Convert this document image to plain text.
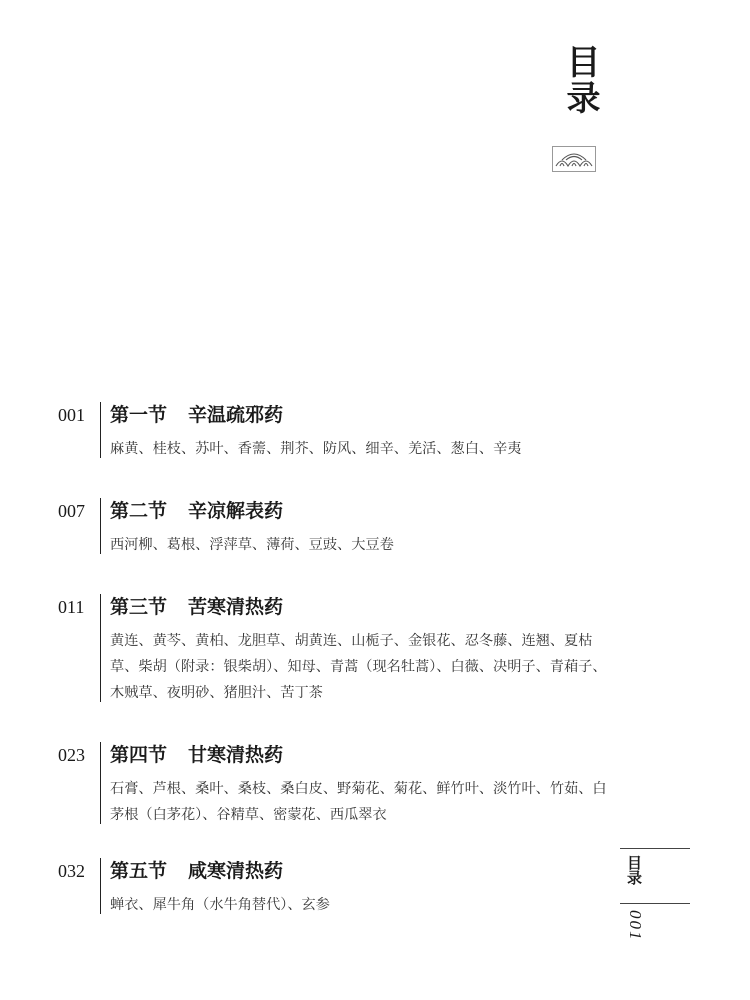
目录
001	第一节 辛温疏邪药

麻黄、桂枝、苏叶、香薷、荆芥、防风、细辛、羌活、葱白、辛夷

007	第二节 辛凉解表药

西河柳、葛根、浮萍草、薄荷、豆豉、大豆卷

011	第三节 苦寒清热药

黄连、黄芩、黄柏、龙胆草、胡黄连、山栀子、金银花、忍冬藤、连翘、夏枯草、柴胡（附录：银柴胡）、知母、青蒿（现名牡蒿）、白薇、决明子、青葙子、木贼草、夜明砂、猪胆汁、苦丁茶

023	第四节 甘寒清热药

石膏、芦根、桑叶、桑枝、桑白皮、野菊花、菊花、鲜竹叶、淡竹叶、竹茹、白茅根（白茅花）、谷精草、密蒙花、西瓜翠衣

032	第五节 咸寒清热药

蝉衣、犀牛角（水牛角替代）、玄参

目录
001
